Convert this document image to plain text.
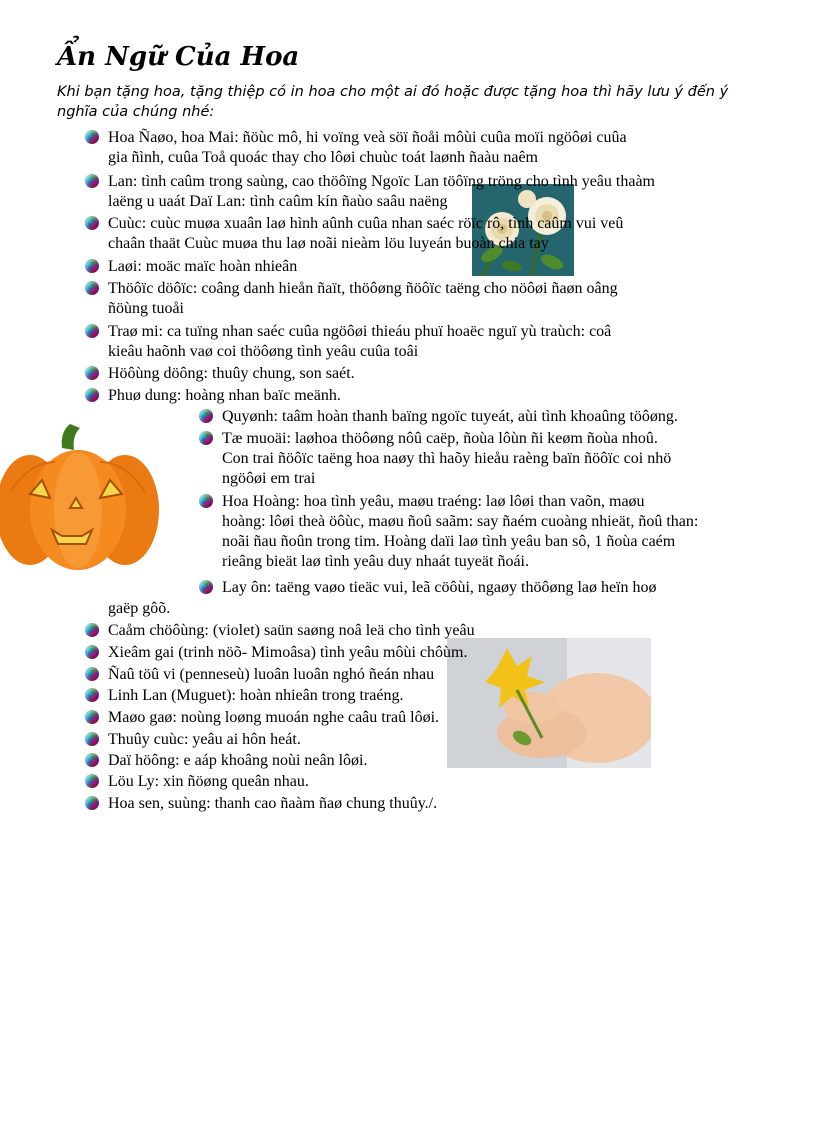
Ẩn Ngữ Của Hoa
Khi bạn tặng hoa, tặng thiệp có in hoa cho một ai đó hoặc được tặng hoa thì hãy lưu ý đến ý nghĩa của chúng nhé:
Hoa Ñaøo, hoa Mai: ñöùc mô, hi voïng veà söï ñoåi môùi cuûa moïi ngöôøi cuûa
gia ñình, cuûa Toå quoác thay cho lôøi chuùc toát laønh ñaàu naêm
Lan: tình caûm trong saùng, cao thöôïng Ngoïc Lan töôïng tröng cho tình yeâu thaàm
laëng u uaát Daï Lan: tình caûm kín ñaùo saâu naëng
Cuùc: cuùc muøa xuaân laø hình aûnh cuûa nhan saéc röïc rô, tình caûm vui veû
chaân thaät Cuùc muøa thu laø noãi nieàm löu luyeán buoàn chia tay
Laøi: moäc maïc hoàn nhieân
Thöôïc döôïc: coâng danh hieån ñaït, thöôøng ñöôïc taëng cho nöôøi ñaøn oâng
ñöùng tuoåi
Traø mi: ca tuïng nhan saéc cuûa ngöôøi thieáu phuï hoaëc nguï yù traùch: coâ
kieâu haõnh vaø coi thöôøng tình yeâu cuûa toâi
Höôùng döông: thuûy chung, son saét.
Phuø dung: hoàng nhan baïc meänh.
Quyønh: taâm hoàn thanh baïng ngoïc tuyeát, aùi tình khoaûng töôøng.
Tæ muoäi: laøhoa thöôøng nôû caëp, ñoùa lôùn ñi keøm ñoùa nhoû.
Con trai ñöôïc taëng hoa naøy thì haõy hieåu raèng baïn ñöôïc coi nhö
ngöôøi em trai
Hoa Hoàng: hoa tình yeâu, maøu traéng: laø lôøi than vaõn, maøu
hoàng: lôøi theà öôùc, maøu ñoû saãm: say ñaém cuoàng nhieät, ñoû than:
noãi ñau ñoûn trong tim. Hoàng daïi laø tình yeâu ban sô, 1 ñoùa caém
rieâng bieät laø tình yeâu duy nhaát tuyeät ñoái.
Lay ôn: taëng vaøo tieäc vui, leã cöôùi, ngaøy thöôøng laø heïn hoø
gaëp gôõ.
Caåm chöôùng: (violet) saün saøng noâ leä cho tình yeâu
Xieâm gai (trinh nöõ- Mimoâsa) tình yeâu môùi chôùm.
Ñaû töû vi (penneseù) luoân luoân nghó ñeán nhau
Linh Lan (Muguet): hoàn nhieân trong traéng.
Maøo gaø: noùng loøng muoán nghe caâu traû lôøi.
Thuûy cuùc: yeâu ai hôn heát.
Daï höông: e aáp khoâng noùi neân lôøi.
Löu Ly: xin ñöøng queân nhau.
Hoa sen, suùng: thanh cao ñaàm ñaø chung thuûy./.
